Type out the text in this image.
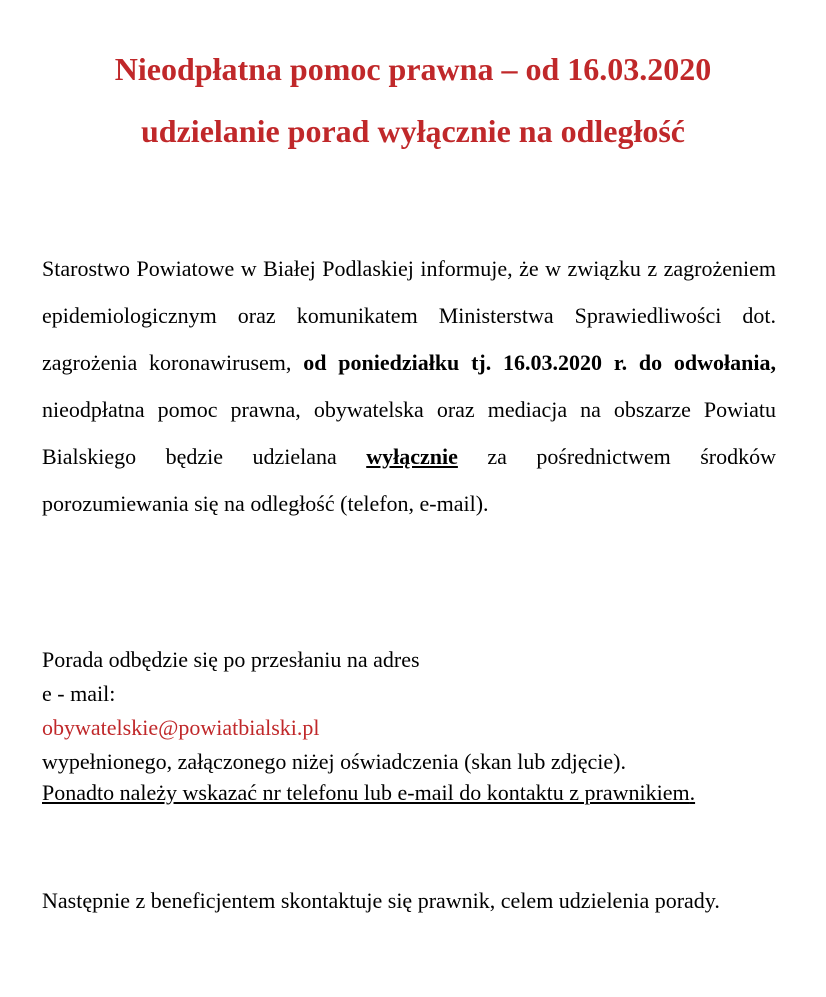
Nieodpłatna pomoc prawna – od 16.03.2020
udzielanie porad wyłącznie na odległość

Starostwo Powiatowe w Białej Podlaskiej informuje, że w związku z zagrożeniem epidemiologicznym oraz komunikatem Ministerstwa Sprawiedliwości dot. zagrożenia koronawirusem, od poniedziałku tj. 16.03.2020 r. do odwołania, nieodpłatna pomoc prawna, obywatelska oraz mediacja na obszarze Powiatu Bialskiego będzie udzielana wyłącznie za pośrednictwem środków porozumiewania się na odległość (telefon, e-mail).

Porada odbędzie się po przesłaniu na adres
e - mail:
obywatelskie@powiatbialski.pl
wypełnionego, załączonego niżej oświadczenia (skan lub zdjęcie).

Ponadto należy wskazać nr telefonu lub e-mail do kontaktu z prawnikiem.

Następnie z beneficjentem skontaktuje się prawnik, celem udzielenia porady.
